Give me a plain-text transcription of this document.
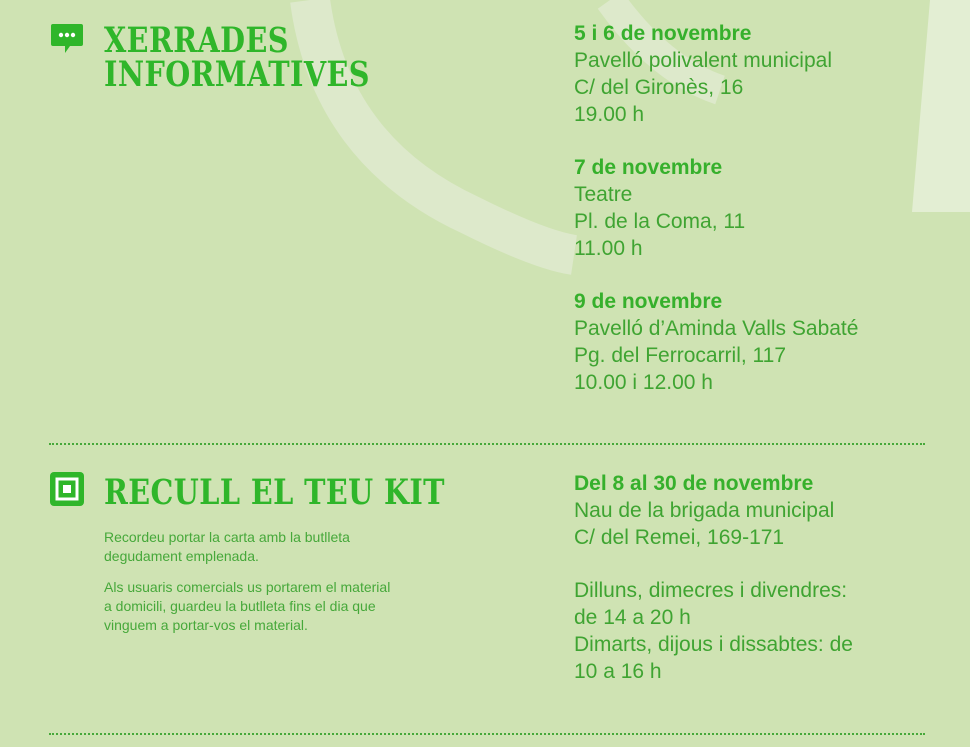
XERRADES
INFORMATIVES
5 i 6 de novembre
Pavelló polivalent municipal
C/ del Gironès, 16
19.00 h
7 de novembre
Teatre
Pl. de la Coma, 11
11.00 h
9 de novembre
Pavelló d’Aminda Valls Sabaté
Pg. del Ferrocarril, 117
10.00 i 12.00 h
RECULL EL TEU KIT

Recordeu portar la carta amb la butlleta
degudament emplenada.

Als usuaris comercials us portarem el material
a domicili, guardeu la butlleta fins el dia que
vinguem a portar-vos el material.

Del 8 al 30 de novembre
Nau de la brigada municipal
C/ del Remei, 169-171
Dilluns, dimecres i divendres:
de 14 a 20 h
Dimarts, dijous i dissabtes: de
10 a 16 h
